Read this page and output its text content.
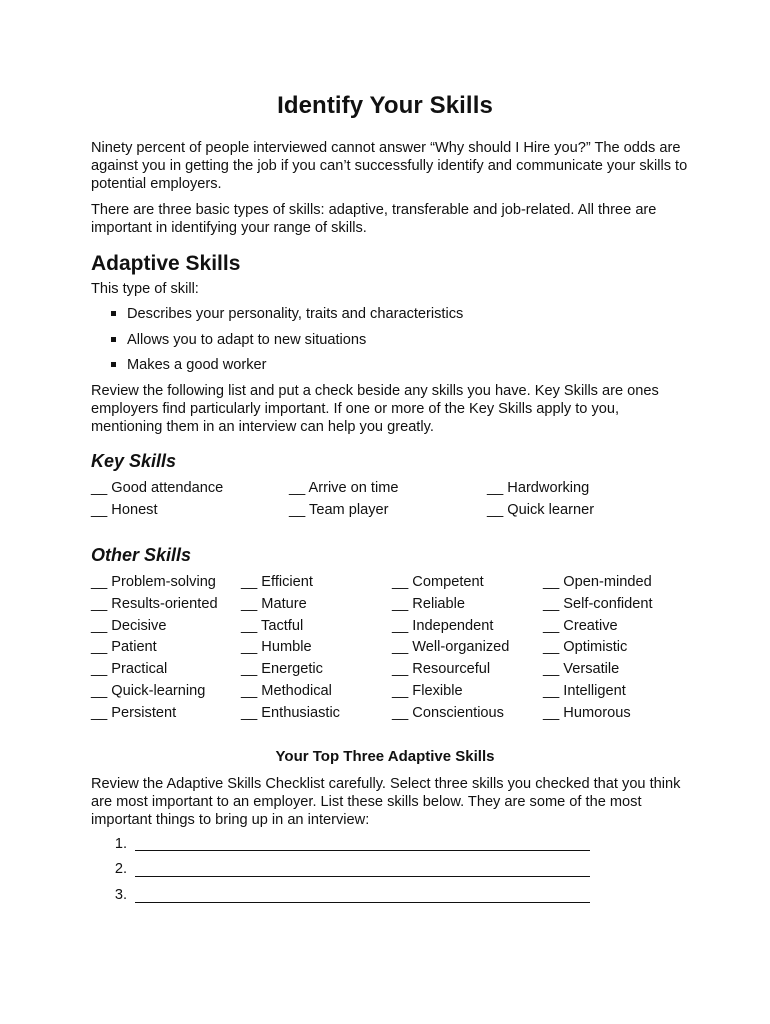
Identify Your Skills

Ninety percent of people interviewed cannot answer “Why should I Hire you?” The odds are against you in getting the job if you can’t successfully identify and communicate your skills to potential employers.

There are three basic types of skills: adaptive, transferable and job-related. All three are important in identifying your range of skills.

Adaptive Skills

This type of skill:

Describes your personality, traits and characteristics
Allows you to adapt to new situations
Makes a good worker

Review the following list and put a check beside any skills you have. Key Skills are ones employers find particularly important. If one or more of the Key Skills apply to you, mentioning them in an interview can help you greatly.

Key Skills
__ Good attendance	__ Arrive on time	__ Hardworking
__ Honest	__ Team player	__ Quick learner
Other Skills
__ Problem-solving __ Efficient	__ Competent	__ Open-minded
__ Results-oriented __ Mature	__ Reliable	__ Self-confident
__ Decisive	__ Tactful	__ Independent	__ Creative
__ Patient	__ Humble	__ Well-organized __ Optimistic
__ Practical	__ Energetic	__ Resourceful	__ Versatile
__ Quick-learning __ Methodical	__ Flexible	__ Intelligent
__ Persistent	__ Enthusiastic	__ Conscientious	__ Humorous
Your Top Three Adaptive Skills

Review the Adaptive Skills Checklist carefully. Select three skills you checked that you think are most important to an employer. List these skills below. They are some of the most important things to bring up in an interview:

1.
2.
3.
